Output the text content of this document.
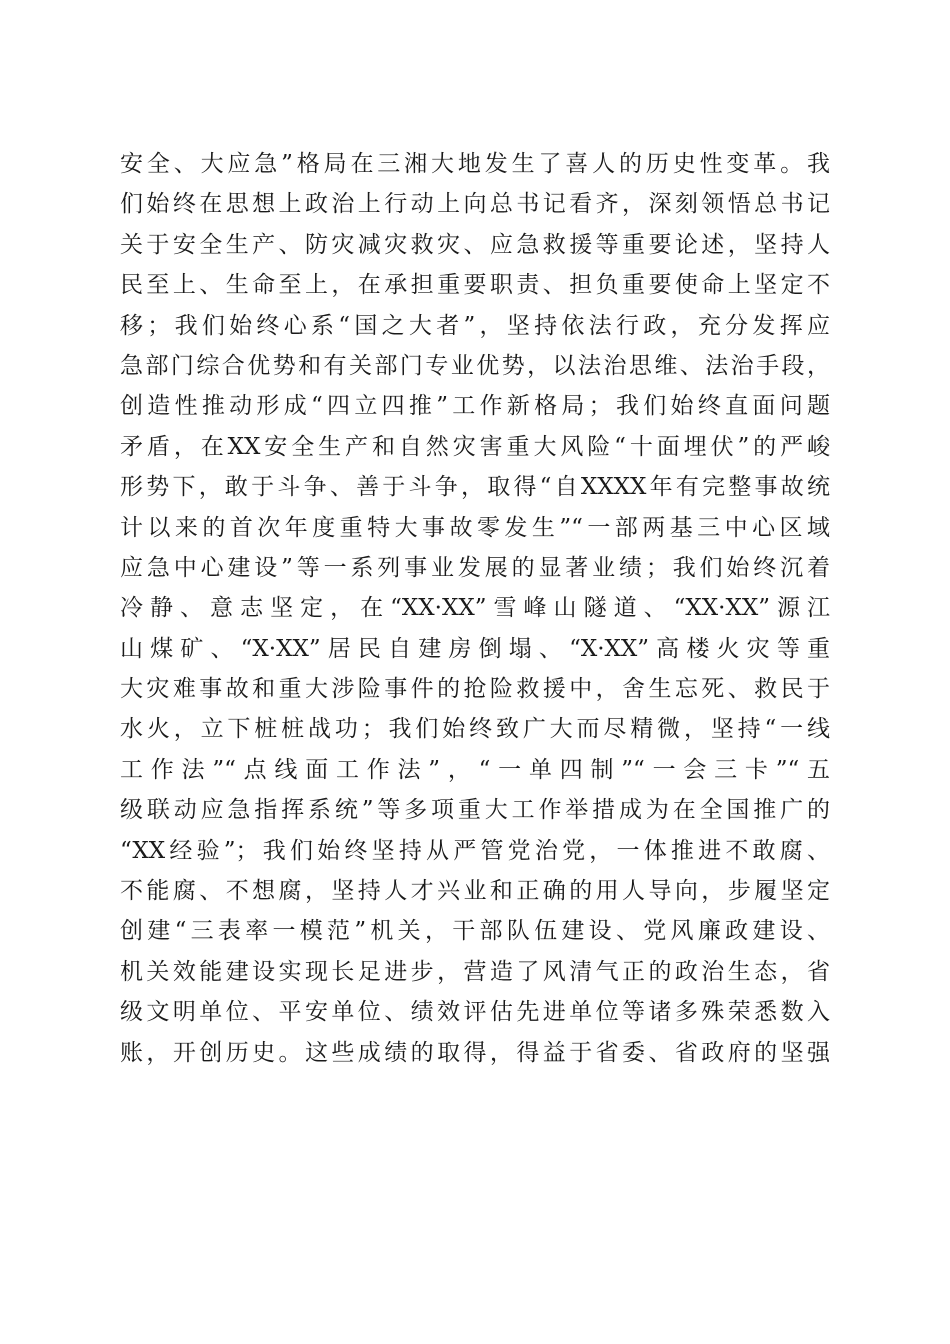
安全、大应急”格局在三湘大地发生了喜人的历史性变革。我
们始终在思想上政治上行动上向总书记看齐，深刻领悟总书记
关于安全生产、防灾减灾救灾、应急救援等重要论述，坚持人
民至上、生命至上，在承担重要职责、担负重要使命上坚定不
移；我们始终心系“国之大者”，坚持依法行政，充分发挥应
急部门综合优势和有关部门专业优势，以法治思维、法治手段，
创造性推动形成“四立四推”工作新格局；我们始终直面问题
矛盾，在XX安全生产和自然灾害重大风险“十面埋伏”的严峻
形势下，敢于斗争、善于斗争，取得“自XXXX年有完整事故统
计以来的首次年度重特大事故零发生”“一部两基三中心区域
应急中心建设”等一系列事业发展的显著业绩；我们始终沉着
冷静、意志坚定，在“XX·XX”雪峰山隧道、“XX·XX”源江
山煤矿、“X·XX”居民自建房倒塌、“X·XX”高楼火灾等重
大灾难事故和重大涉险事件的抢险救援中，舍生忘死、救民于
水火，立下桩桩战功；我们始终致广大而尽精微，坚持“一线
工作法”“点线面工作法”，“一单四制”“一会三卡”“五
级联动应急指挥系统”等多项重大工作举措成为在全国推广的
“XX经验”；我们始终坚持从严管党治党，一体推进不敢腐、
不能腐、不想腐，坚持人才兴业和正确的用人导向，步履坚定
创建“三表率一模范”机关，干部队伍建设、党风廉政建设、
机关效能建设实现长足进步，营造了风清气正的政治生态，省
级文明单位、平安单位、绩效评估先进单位等诸多殊荣悉数入
账，开创历史。这些成绩的取得，得益于省委、省政府的坚强
